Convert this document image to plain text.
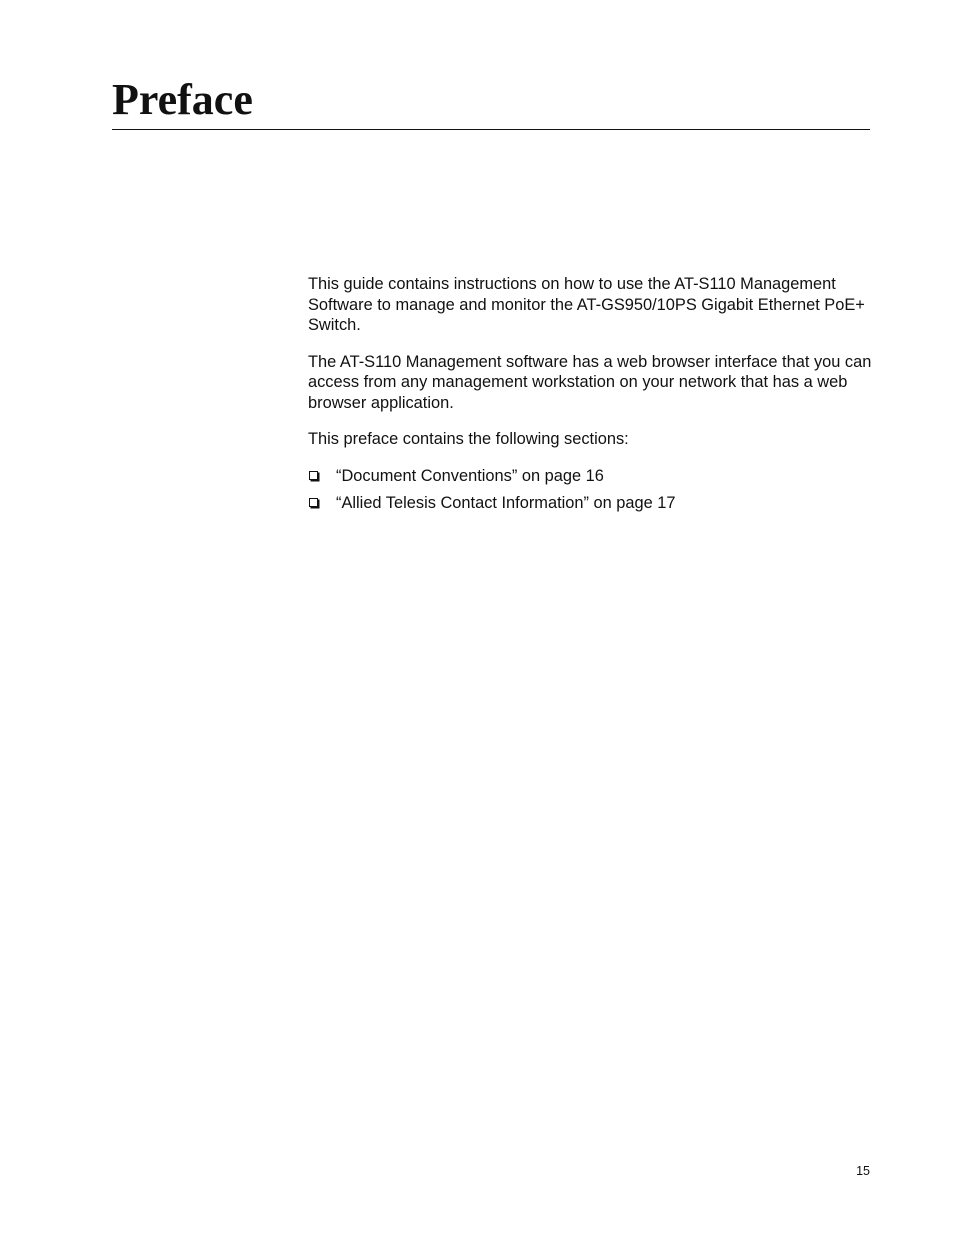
Preface

This guide contains instructions on how to use the AT-S110 Management Software to manage and monitor the AT-GS950/10PS Gigabit Ethernet PoE+ Switch.

The AT-S110 Management software has a web browser interface that you can access from any management workstation on your network that has a web browser application.

This preface contains the following sections:

“Document Conventions” on page 16
“Allied Telesis Contact Information” on page 17
15
